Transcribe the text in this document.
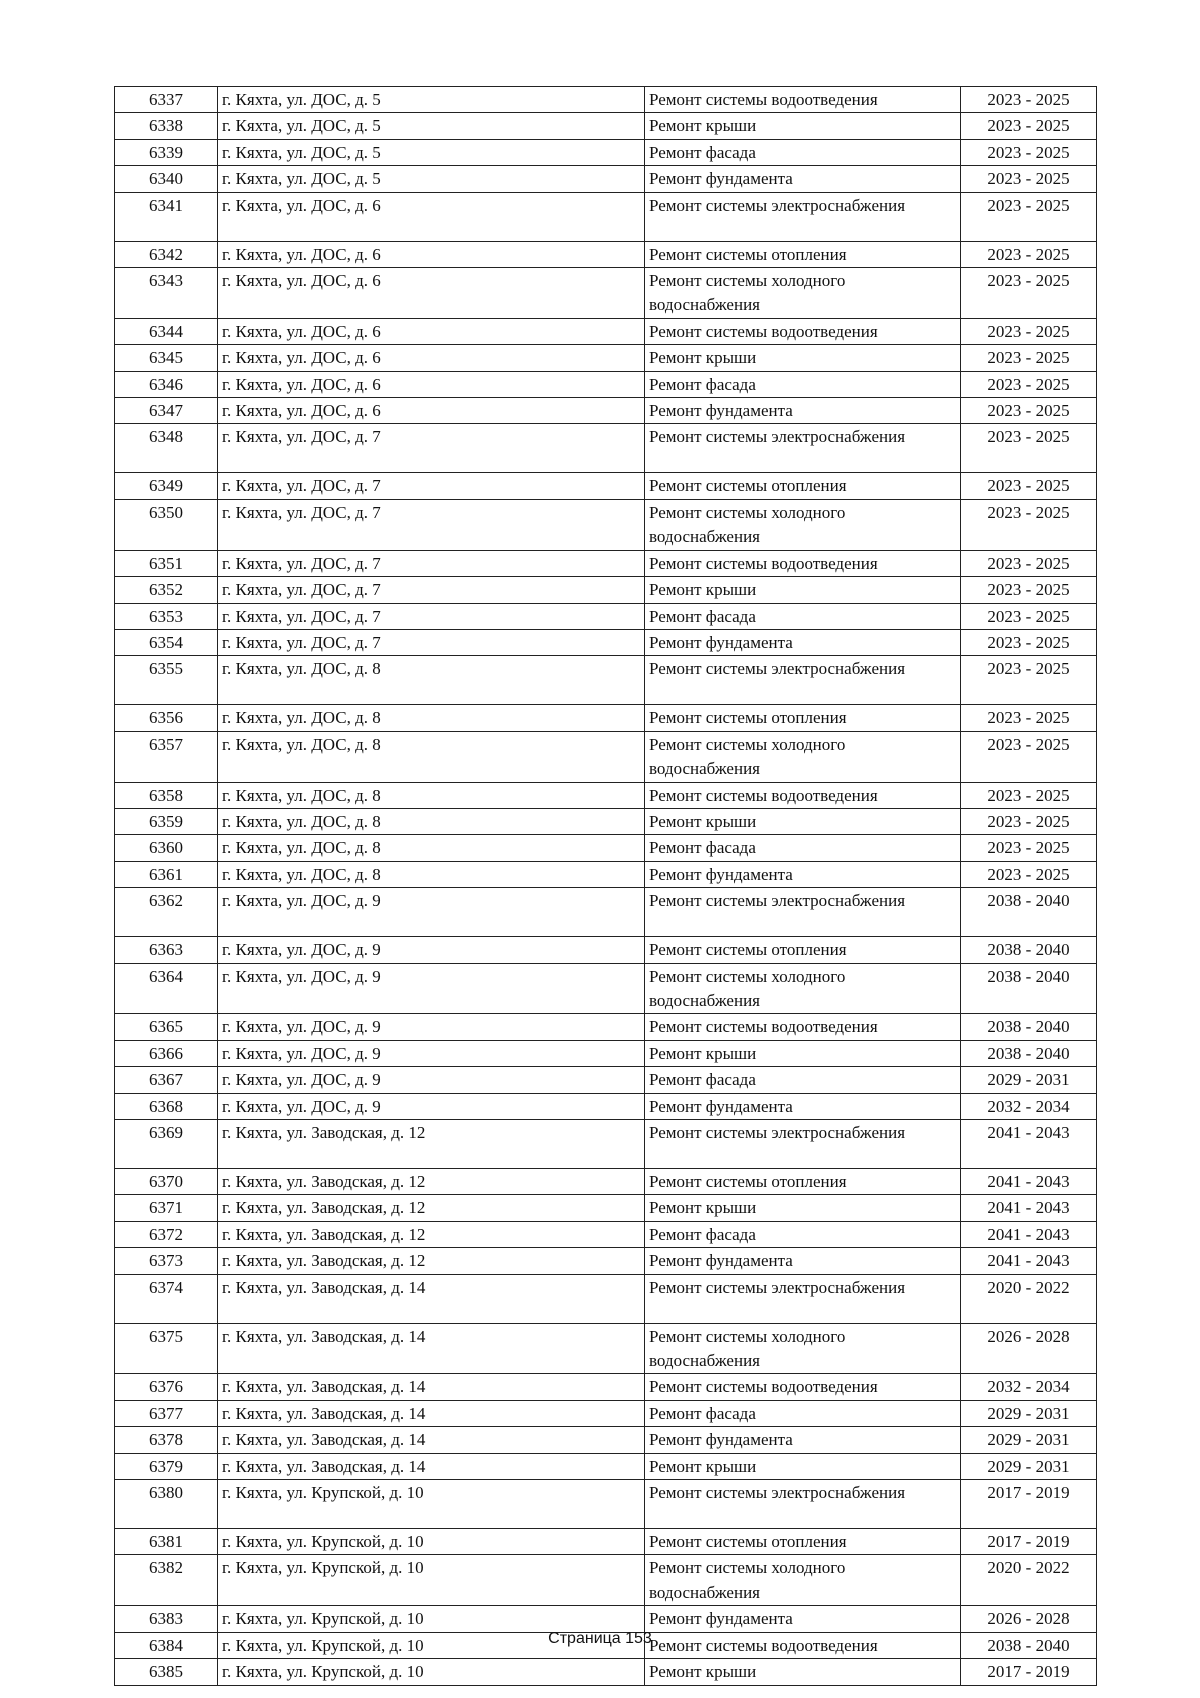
6337	г. Кяхта, ул. ДОС, д. 5	Ремонт системы водоотведения	2023 - 2025
6338	г. Кяхта, ул. ДОС, д. 5	Ремонт крыши	2023 - 2025
6339	г. Кяхта, ул. ДОС, д. 5	Ремонт фасада	2023 - 2025
6340	г. Кяхта, ул. ДОС, д. 5	Ремонт фундамента	2023 - 2025
6341	г. Кяхта, ул. ДОС, д. 6	Ремонт системы электроснабжения	2023 - 2025
6342	г. Кяхта, ул. ДОС, д. 6	Ремонт системы отопления	2023 - 2025
6343	г. Кяхта, ул. ДОС, д. 6	Ремонт системы холодного водоснабжения	2023 - 2025
6344	г. Кяхта, ул. ДОС, д. 6	Ремонт системы водоотведения	2023 - 2025
6345	г. Кяхта, ул. ДОС, д. 6	Ремонт крыши	2023 - 2025
6346	г. Кяхта, ул. ДОС, д. 6	Ремонт фасада	2023 - 2025
6347	г. Кяхта, ул. ДОС, д. 6	Ремонт фундамента	2023 - 2025
6348	г. Кяхта, ул. ДОС, д. 7	Ремонт системы электроснабжения	2023 - 2025
6349	г. Кяхта, ул. ДОС, д. 7	Ремонт системы отопления	2023 - 2025
6350	г. Кяхта, ул. ДОС, д. 7	Ремонт системы холодного водоснабжения	2023 - 2025
6351	г. Кяхта, ул. ДОС, д. 7	Ремонт системы водоотведения	2023 - 2025
6352	г. Кяхта, ул. ДОС, д. 7	Ремонт крыши	2023 - 2025
6353	г. Кяхта, ул. ДОС, д. 7	Ремонт фасада	2023 - 2025
6354	г. Кяхта, ул. ДОС, д. 7	Ремонт фундамента	2023 - 2025
6355	г. Кяхта, ул. ДОС, д. 8	Ремонт системы электроснабжения	2023 - 2025
6356	г. Кяхта, ул. ДОС, д. 8	Ремонт системы отопления	2023 - 2025
6357	г. Кяхта, ул. ДОС, д. 8	Ремонт системы холодного водоснабжения	2023 - 2025
6358	г. Кяхта, ул. ДОС, д. 8	Ремонт системы водоотведения	2023 - 2025
6359	г. Кяхта, ул. ДОС, д. 8	Ремонт крыши	2023 - 2025
6360	г. Кяхта, ул. ДОС, д. 8	Ремонт фасада	2023 - 2025
6361	г. Кяхта, ул. ДОС, д. 8	Ремонт фундамента	2023 - 2025
6362	г. Кяхта, ул. ДОС, д. 9	Ремонт системы электроснабжения	2038 - 2040
6363	г. Кяхта, ул. ДОС, д. 9	Ремонт системы отопления	2038 - 2040
6364	г. Кяхта, ул. ДОС, д. 9	Ремонт системы холодного водоснабжения	2038 - 2040
6365	г. Кяхта, ул. ДОС, д. 9	Ремонт системы водоотведения	2038 - 2040
6366	г. Кяхта, ул. ДОС, д. 9	Ремонт крыши	2038 - 2040
6367	г. Кяхта, ул. ДОС, д. 9	Ремонт фасада	2029 - 2031
6368	г. Кяхта, ул. ДОС, д. 9	Ремонт фундамента	2032 - 2034
6369	г. Кяхта, ул. Заводская, д. 12	Ремонт системы электроснабжения	2041 - 2043
6370	г. Кяхта, ул. Заводская, д. 12	Ремонт системы отопления	2041 - 2043
6371	г. Кяхта, ул. Заводская, д. 12	Ремонт крыши	2041 - 2043
6372	г. Кяхта, ул. Заводская, д. 12	Ремонт фасада	2041 - 2043
6373	г. Кяхта, ул. Заводская, д. 12	Ремонт фундамента	2041 - 2043
6374	г. Кяхта, ул. Заводская, д. 14	Ремонт системы электроснабжения	2020 - 2022
6375	г. Кяхта, ул. Заводская, д. 14	Ремонт системы холодного водоснабжения	2026 - 2028
6376	г. Кяхта, ул. Заводская, д. 14	Ремонт системы водоотведения	2032 - 2034
6377	г. Кяхта, ул. Заводская, д. 14	Ремонт фасада	2029 - 2031
6378	г. Кяхта, ул. Заводская, д. 14	Ремонт фундамента	2029 - 2031
6379	г. Кяхта, ул. Заводская, д. 14	Ремонт крыши	2029 - 2031
6380	г. Кяхта, ул. Крупской, д. 10	Ремонт системы электроснабжения	2017 - 2019
6381	г. Кяхта, ул. Крупской, д. 10	Ремонт системы отопления	2017 - 2019
6382	г. Кяхта, ул. Крупской, д. 10	Ремонт системы холодного водоснабжения	2020 - 2022
6383	г. Кяхта, ул. Крупской, д. 10	Ремонт фундамента	2026 - 2028
6384	г. Кяхта, ул. Крупской, д. 10	Ремонт системы водоотведения	2038 - 2040
6385	г. Кяхта, ул. Крупской, д. 10	Ремонт крыши	2017 - 2019
Страница 153
